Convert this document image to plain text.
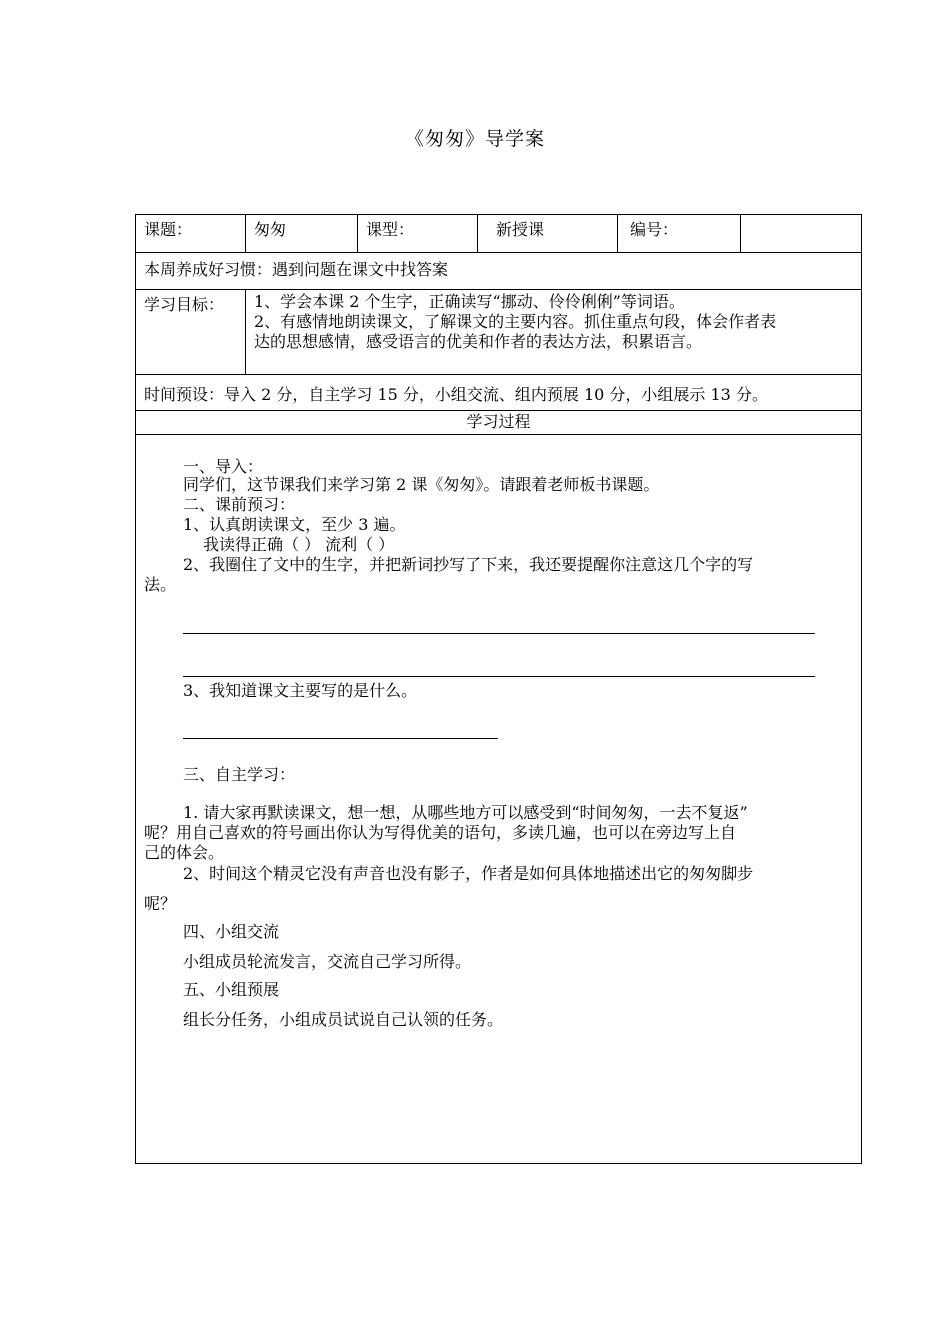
《匆匆》导学案
课题：	匆匆	课型：	新授课	编号：
本周养成好习惯：遇到问题在课文中找答案
学习目标：	1、学会本课 2 个生字，正确读写“挪动、伶伶俐俐”等词语。
2、有感情地朗读课文，了解课文的主要内容。抓住重点句段，体会作者表
达的思想感情，感受语言的优美和作者的表达方法，积累语言。
时间预设：导入 2 分，自主学习 15 分，小组交流、组内预展 10 分，小组展示 13 分。
学习过程
一、导入：
同学们，这节课我们来学习第 2 课《匆匆》。请跟着老师板书课题。
二、课前预习：
1、认真朗读课文，至少 3 遍。
我读得正确（ ） 流利（ ）
2、我圈住了文中的生字，并把新词抄写了下来，我还要提醒你注意这几个字的写
法。
3、我知道课文主要写的是什么。
三、自主学习：
1. 请大家再默读课文，想一想，从哪些地方可以感受到“时间匆匆，一去不复返”
呢？用自己喜欢的符号画出你认为写得优美的语句，多读几遍，也可以在旁边写上自
己的体会。
2、时间这个精灵它没有声音也没有影子，作者是如何具体地描述出它的匆匆脚步
呢？
四、小组交流
小组成员轮流发言，交流自己学习所得。
五、小组预展
组长分任务，小组成员试说自己认领的任务。
